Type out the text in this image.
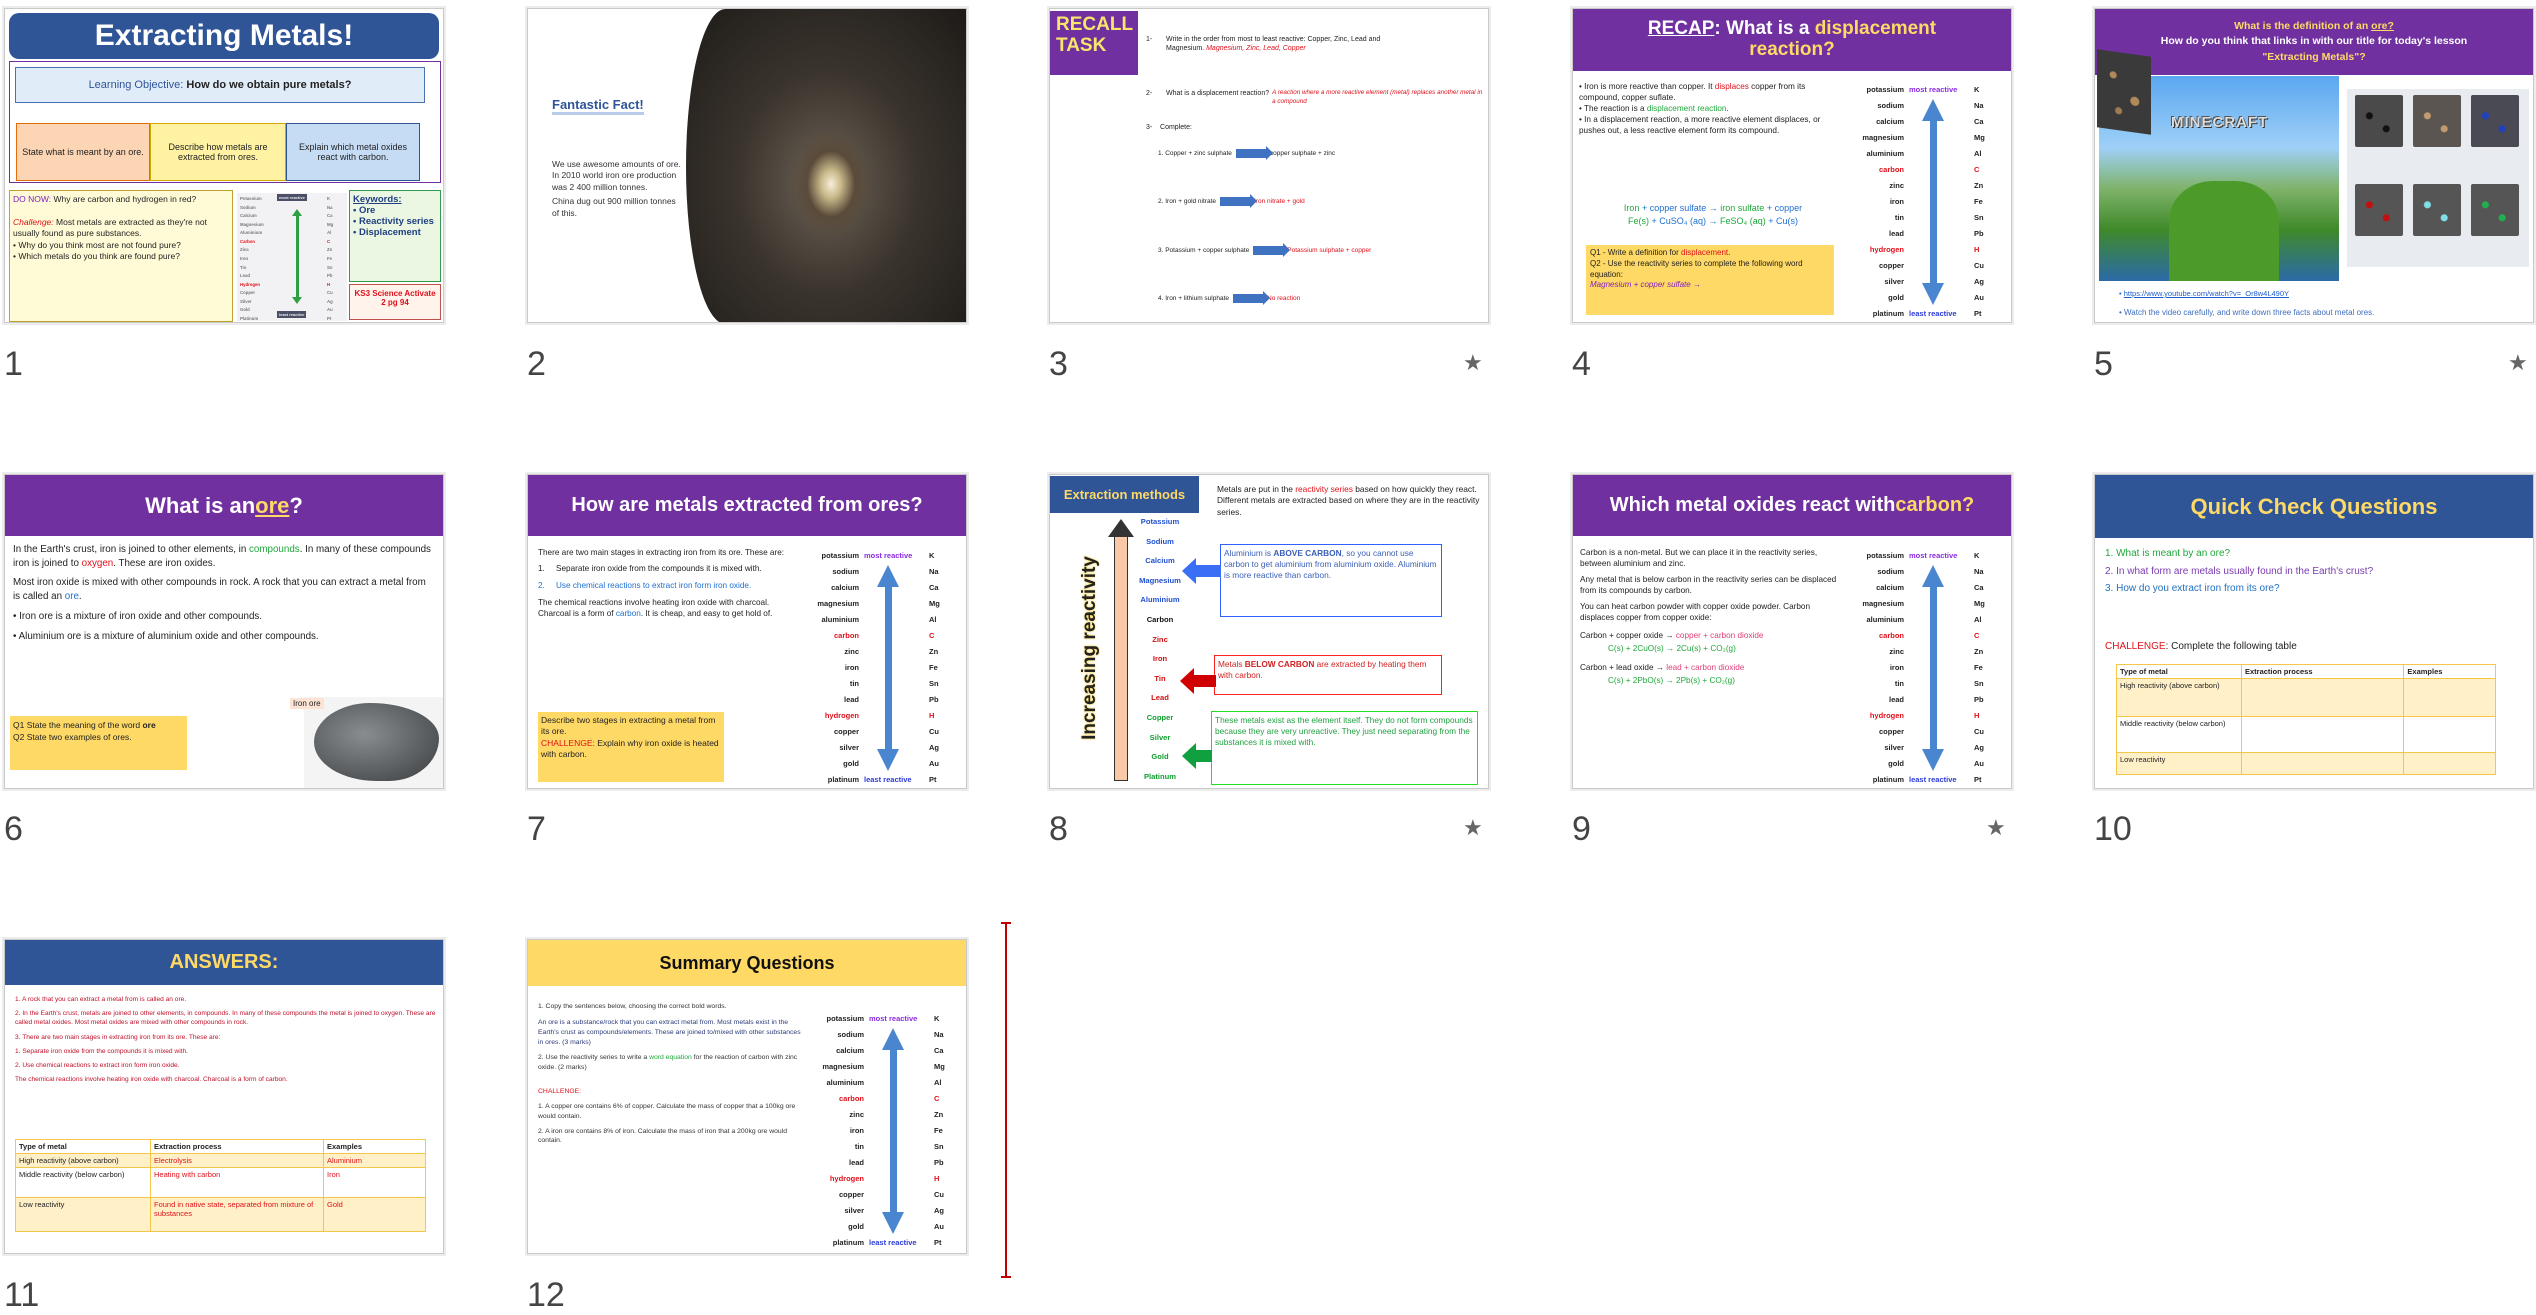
Extracting Metals!
Learning Objective:
How do we obtain pure metals?
State what is meant by an ore.	Describe how metals are extracted from ores.
Explain which metal oxides react with carbon.
DO NOW: Why are carbon and hydrogen in red?

Challenge: Most metals are extracted as they're not usually found as pure substances.
• Why do you think most are not found pure?
• Which metals do you think are found pure?
Potassium	K
Sodium	Na
Calcium	Ca
Magnesium	Mg
Aluminium	Al
Carbon	C
Zinc	Zn
Iron	Fe
Tin	Sn
Lead	Pb
Hydrogen	H
Copper	Cu
Silver	Ag
Gold	Au
Platinum	Pt
most reactive
least reactive
Keywords:
• Ore
• Reactivity series
• Displacement
KS3 Science Activate 2 pg 94
1
Fantastic Fact!
We use awesome amounts of ore. In 2010 world iron ore production was 2 400 million tonnes.
China dug out 900 million tonnes of this.
2
RECALL
TASK	1- Write in the order from most to least reactive: Copper, Zinc, Lead and Magnesium. Magnesium, Zinc, Lead, Copper
2- What is a displacement reaction? A reaction where a more reactive element (metal) replaces another metal in a compound
3- Complete:
1. Copper + zinc sulphate	copper sulphate + zinc
2. Iron + gold nitrate	Iron nitrate + gold
3. Potassium + copper sulphate	Potassium sulphate + copper
4. Iron + lithium sulphate	No reaction
3	★
RECAP: What is a displacement
reaction?
• Iron is more reactive than copper. It displaces copper from its compound, copper suflate.
• The reaction is a displacement reaction.
• In a displacement reaction, a more reactive element displaces, or pushes out, a less reactive element form its compound.
Iron + copper sulfate → iron sulfate + copper
Fe(s) + CuSO₄ (aq) → FeSO₄ (aq) + Cu(s)
Q1 - Write a definition for displacement.
Q2 - Use the reactivity series to complete the following word equation:
Magnesium + copper sulfate →
potassium	K
sodium	Na
calcium	Ca
magnesium	Mg
aluminium	Al
carbon	C
zinc	Zn
iron	Fe
tin	Sn
lead	Pb
hydrogen	H
copper	Cu
silver	Ag
gold	Au
platinum	Pt
most reactive
least reactive
4
What is the definition of an ore?
How do you think that links in with our title for today's lesson
"Extracting Metals"?
MINECRAFT
• https://www.youtube.com/watch?v=_Or8w4L490Y
• Watch the video carefully, and write down three facts about metal ores.
5	★
What is an ore ?
In the Earth's crust, iron is joined to other elements, in compounds. In many of these compounds iron is joined to oxygen. These are iron oxides.
Most iron oxide is mixed with other compounds in rock. A rock that you can extract a metal from is called an ore.
• Iron ore is a mixture of iron oxide and other compounds.
• Aluminium ore is a mixture of aluminium oxide and other compounds.
Q1 State the meaning of the word ore
Q2 State two examples of ores.
Iron ore
6
How are metals extracted from ores?
There are two main stages in extracting iron from its ore. These are:
1.	Separate iron oxide from the compounds it is mixed with.
2.	Use chemical reactions to extract iron form iron oxide.
The chemical reactions involve heating iron oxide with charcoal. Charcoal is a form of carbon. It is cheap, and easy to get hold of.
Describe two stages in extracting a metal from its ore.
CHALLENGE: Explain why iron oxide is heated with carbon.
potassium	K
sodium	Na
calcium	Ca
magnesium	Mg
aluminium	Al
carbon	C
zinc	Zn
iron	Fe
tin	Sn
lead	Pb
hydrogen	H
copper	Cu
silver	Ag
gold	Au
platinum	Pt
most reactive
least reactive
7
Extraction methods
Increasing reactivity
Potassium
Sodium
Calcium
Magnesium
Aluminium
Carbon
Zinc
Iron
Tin
Lead
Copper
Silver
Gold
Platinum
Metals are put in the reactivity series based on how quickly they react. Different metals are extracted based on where they are in the reactivity series.
Aluminium is ABOVE CARBON, so you cannot use carbon to get aluminium from aluminium oxide. Aluminium is more reactive than carbon.
Metals BELOW CARBON are extracted by heating them with carbon.
These metals exist as the element itself. They do not form compounds because they are very unreactive. They just need separating from the substances it is mixed with.
8	★
Which metal oxides react with carbon?
Carbon is a non-metal. But we can place it in the reactivity series, between aluminium and zinc.
Any metal that is below carbon in the reactivity series can be displaced from its compounds by carbon.
You can heat carbon powder with copper oxide powder. Carbon displaces copper from copper oxide:
Carbon + copper oxide → copper + carbon dioxide
C(s) + 2CuO(s) → 2Cu(s) + CO₂(g)
Carbon + lead oxide → lead + carbon dioxide
C(s) + 2PbO(s) → 2Pb(s) + CO₂(g)
potassium	K
sodium	Na
calcium	Ca
magnesium	Mg
aluminium	Al
carbon	C
zinc	Zn
iron	Fe
tin	Sn
lead	Pb
hydrogen	H
copper	Cu
silver	Ag
gold	Au
platinum	Pt
most reactive
least reactive
9	★
Quick Check Questions
1. What is meant by an ore?
2. In what form are metals usually found in the Earth's crust?
3. How do you extract iron from its ore?
CHALLENGE: Complete the following table
Type of metal	Extraction process	Examples
High reactivity (above carbon)		
Middle reactivity (below carbon)		
Low reactivity		
10
ANSWERS:
1. A rock that you can extract a metal from is called an ore.
2. In the Earth's crust, metals are joined to other elements, in compounds. In many of these compounds the metal is joined to oxygen. These are called metal oxides. Most metal oxides are mixed with other compounds in rock.
3. There are two main stages in extracting iron from its ore. These are:
1. Separate iron oxide from the compounds it is mixed with.
2. Use chemical reactions to extract iron form iron oxide.
The chemical reactions involve heating iron oxide with charcoal. Charcoal is a form of carbon.
Type of metal	Extraction process	Examples
High reactivity (above carbon)	Electrolysis	Aluminium
Middle reactivity (below carbon)	Heating with carbon	Iron
Low reactivity	Found in native state, separated from mixture of substances	Gold
11
Summary Questions
1. Copy the sentences below, choosing the correct bold words.
An ore is a substance/rock that you can extract metal from. Most metals exist in the Earth's crust as compounds/elements. These are joined to/mixed with other substances in ores. (3 marks)
2. Use the reactivity series to write a word equation for the reaction of carbon with zinc oxide. (2 marks)
CHALLENGE:
1. A copper ore contains 6% of copper. Calculate the mass of copper that a 100kg ore would contain.
2. A iron ore contains 8% of iron. Calculate the mass of iron that a 200kg ore would contain.
potassium	K
sodium	Na
calcium	Ca
magnesium	Mg
aluminium	Al
carbon	C
zinc	Zn
iron	Fe
tin	Sn
lead	Pb
hydrogen	H
copper	Cu
silver	Ag
gold	Au
platinum	Pt
most reactive
least reactive
12
